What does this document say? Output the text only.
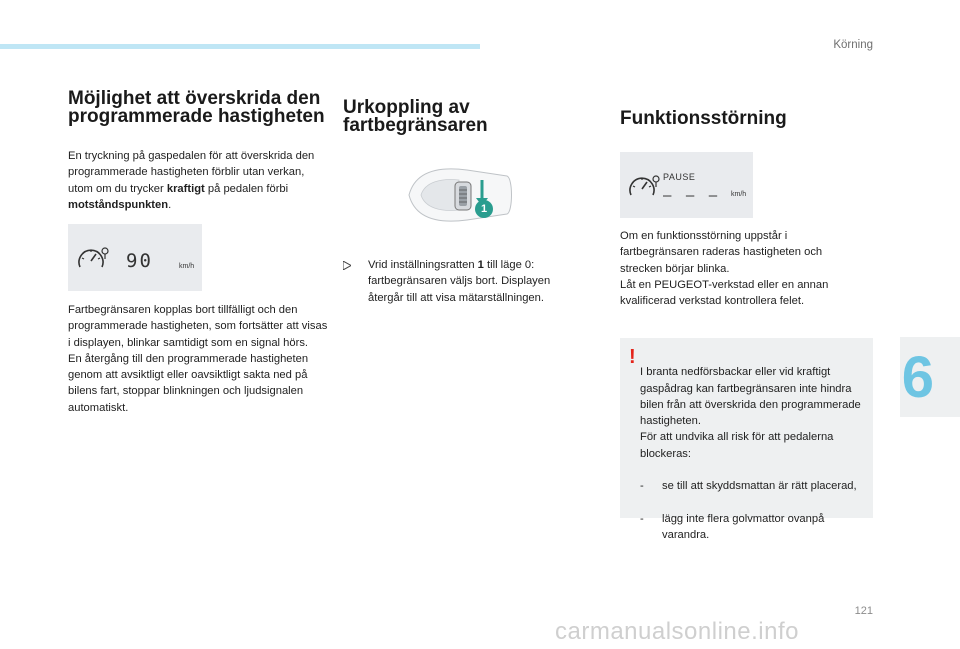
Körning
6
Möjlighet att överskrida den programmerade hastigheten

En tryckning på gaspedalen för att överskrida den programmerade hastigheten förblir utan verkan, utom om du trycker kraftigt på pedalen förbi motståndspunkten.

90	km/h

Fartbegränsaren kopplas bort tillfälligt och den programmerade hastigheten, som fortsätter att visas i displayen, blinkar samtidigt som en signal hörs.
En återgång till den programmerade hastigheten genom att avsiktligt eller oavsiktligt sakta ned på bilens fart, stoppar blinkningen och ljudsignalen automatiskt.

Urkoppling av fartbegränsaren
1
Vrid inställningsratten 1 till läge 0: fartbegränsaren väljs bort. Displayen återgår till att visa mätarställningen.
Funktionsstörning
PAUSE
– – – km/h

Om en funktionsstörning uppstår i fartbegränsaren raderas hastigheten och strecken börjar blinka.
Låt en PEUGEOT-verkstad eller en annan kvalificerad verkstad kontrollera felet.

!

I branta nedförsbackar eller vid kraftigt gaspådrag kan fartbegränsaren inte hindra bilen från att överskrida den programmerade hastigheten.
För att undvika all risk för att pedalerna blockeras:

- se till att skyddsmattan är rätt placerad,

- lägg inte flera golvmattor ovanpå varandra.

121
carmanualsonline.info
